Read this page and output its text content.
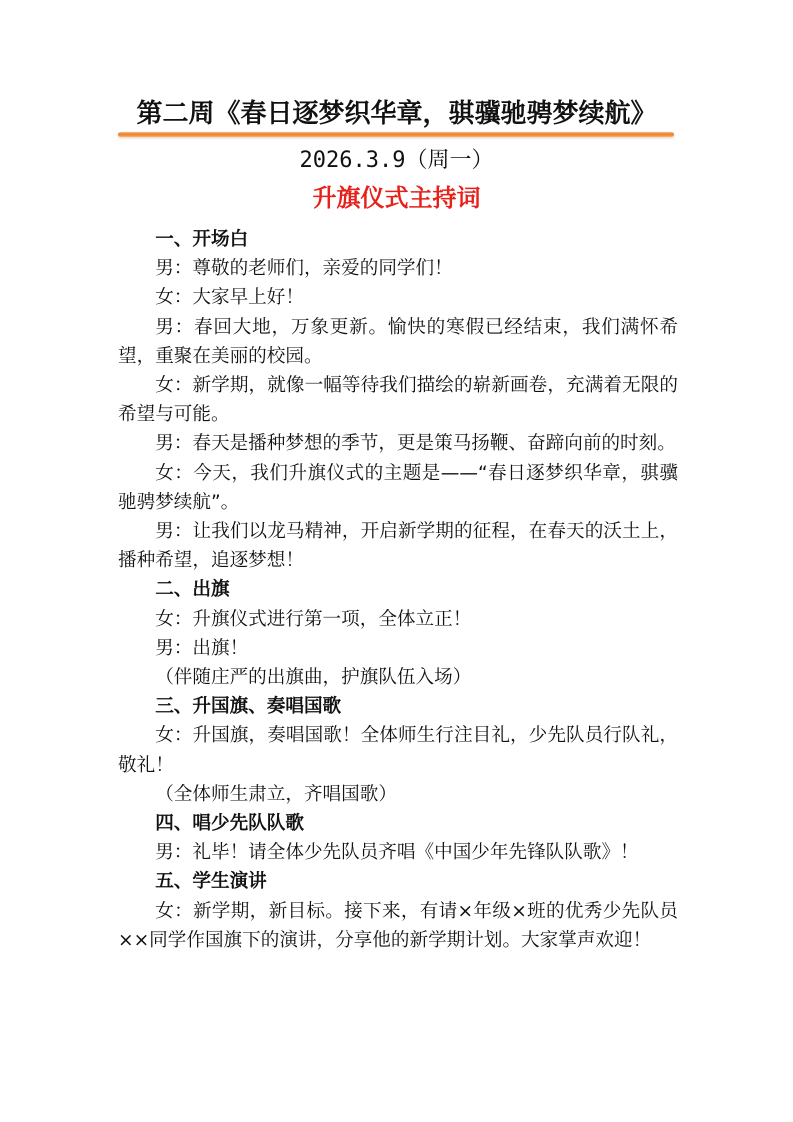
第二周《春日逐梦织华章，骐骥驰骋梦续航》
2026.3.9（周一）
升旗仪式主持词

一、开场白

男：尊敬的老师们，亲爱的同学们！

女：大家早上好！

男：春回大地，万象更新。愉快的寒假已经结束，我们满怀希望，重聚在美丽的校园。

女：新学期，就像一幅等待我们描绘的崭新画卷，充满着无限的希望与可能。

男：春天是播种梦想的季节，更是策马扬鞭、奋蹄向前的时刻。

女：今天，我们升旗仪式的主题是——“春日逐梦织华章，骐骥驰骋梦续航”。

男：让我们以龙马精神，开启新学期的征程，在春天的沃土上，播种希望，追逐梦想！

二、出旗

女：升旗仪式进行第一项，全体立正！

男：出旗！

（伴随庄严的出旗曲，护旗队伍入场）

三、升国旗、奏唱国歌

女：升国旗，奏唱国歌！全体师生行注目礼，少先队员行队礼，敬礼！

（全体师生肃立，齐唱国歌）

四、唱少先队队歌

男：礼毕！请全体少先队员齐唱《中国少年先锋队队歌》！

五、学生演讲

女：新学期，新目标。接下来，有请×年级×班的优秀少先队员××同学作国旗下的演讲，分享他的新学期计划。大家掌声欢迎！
